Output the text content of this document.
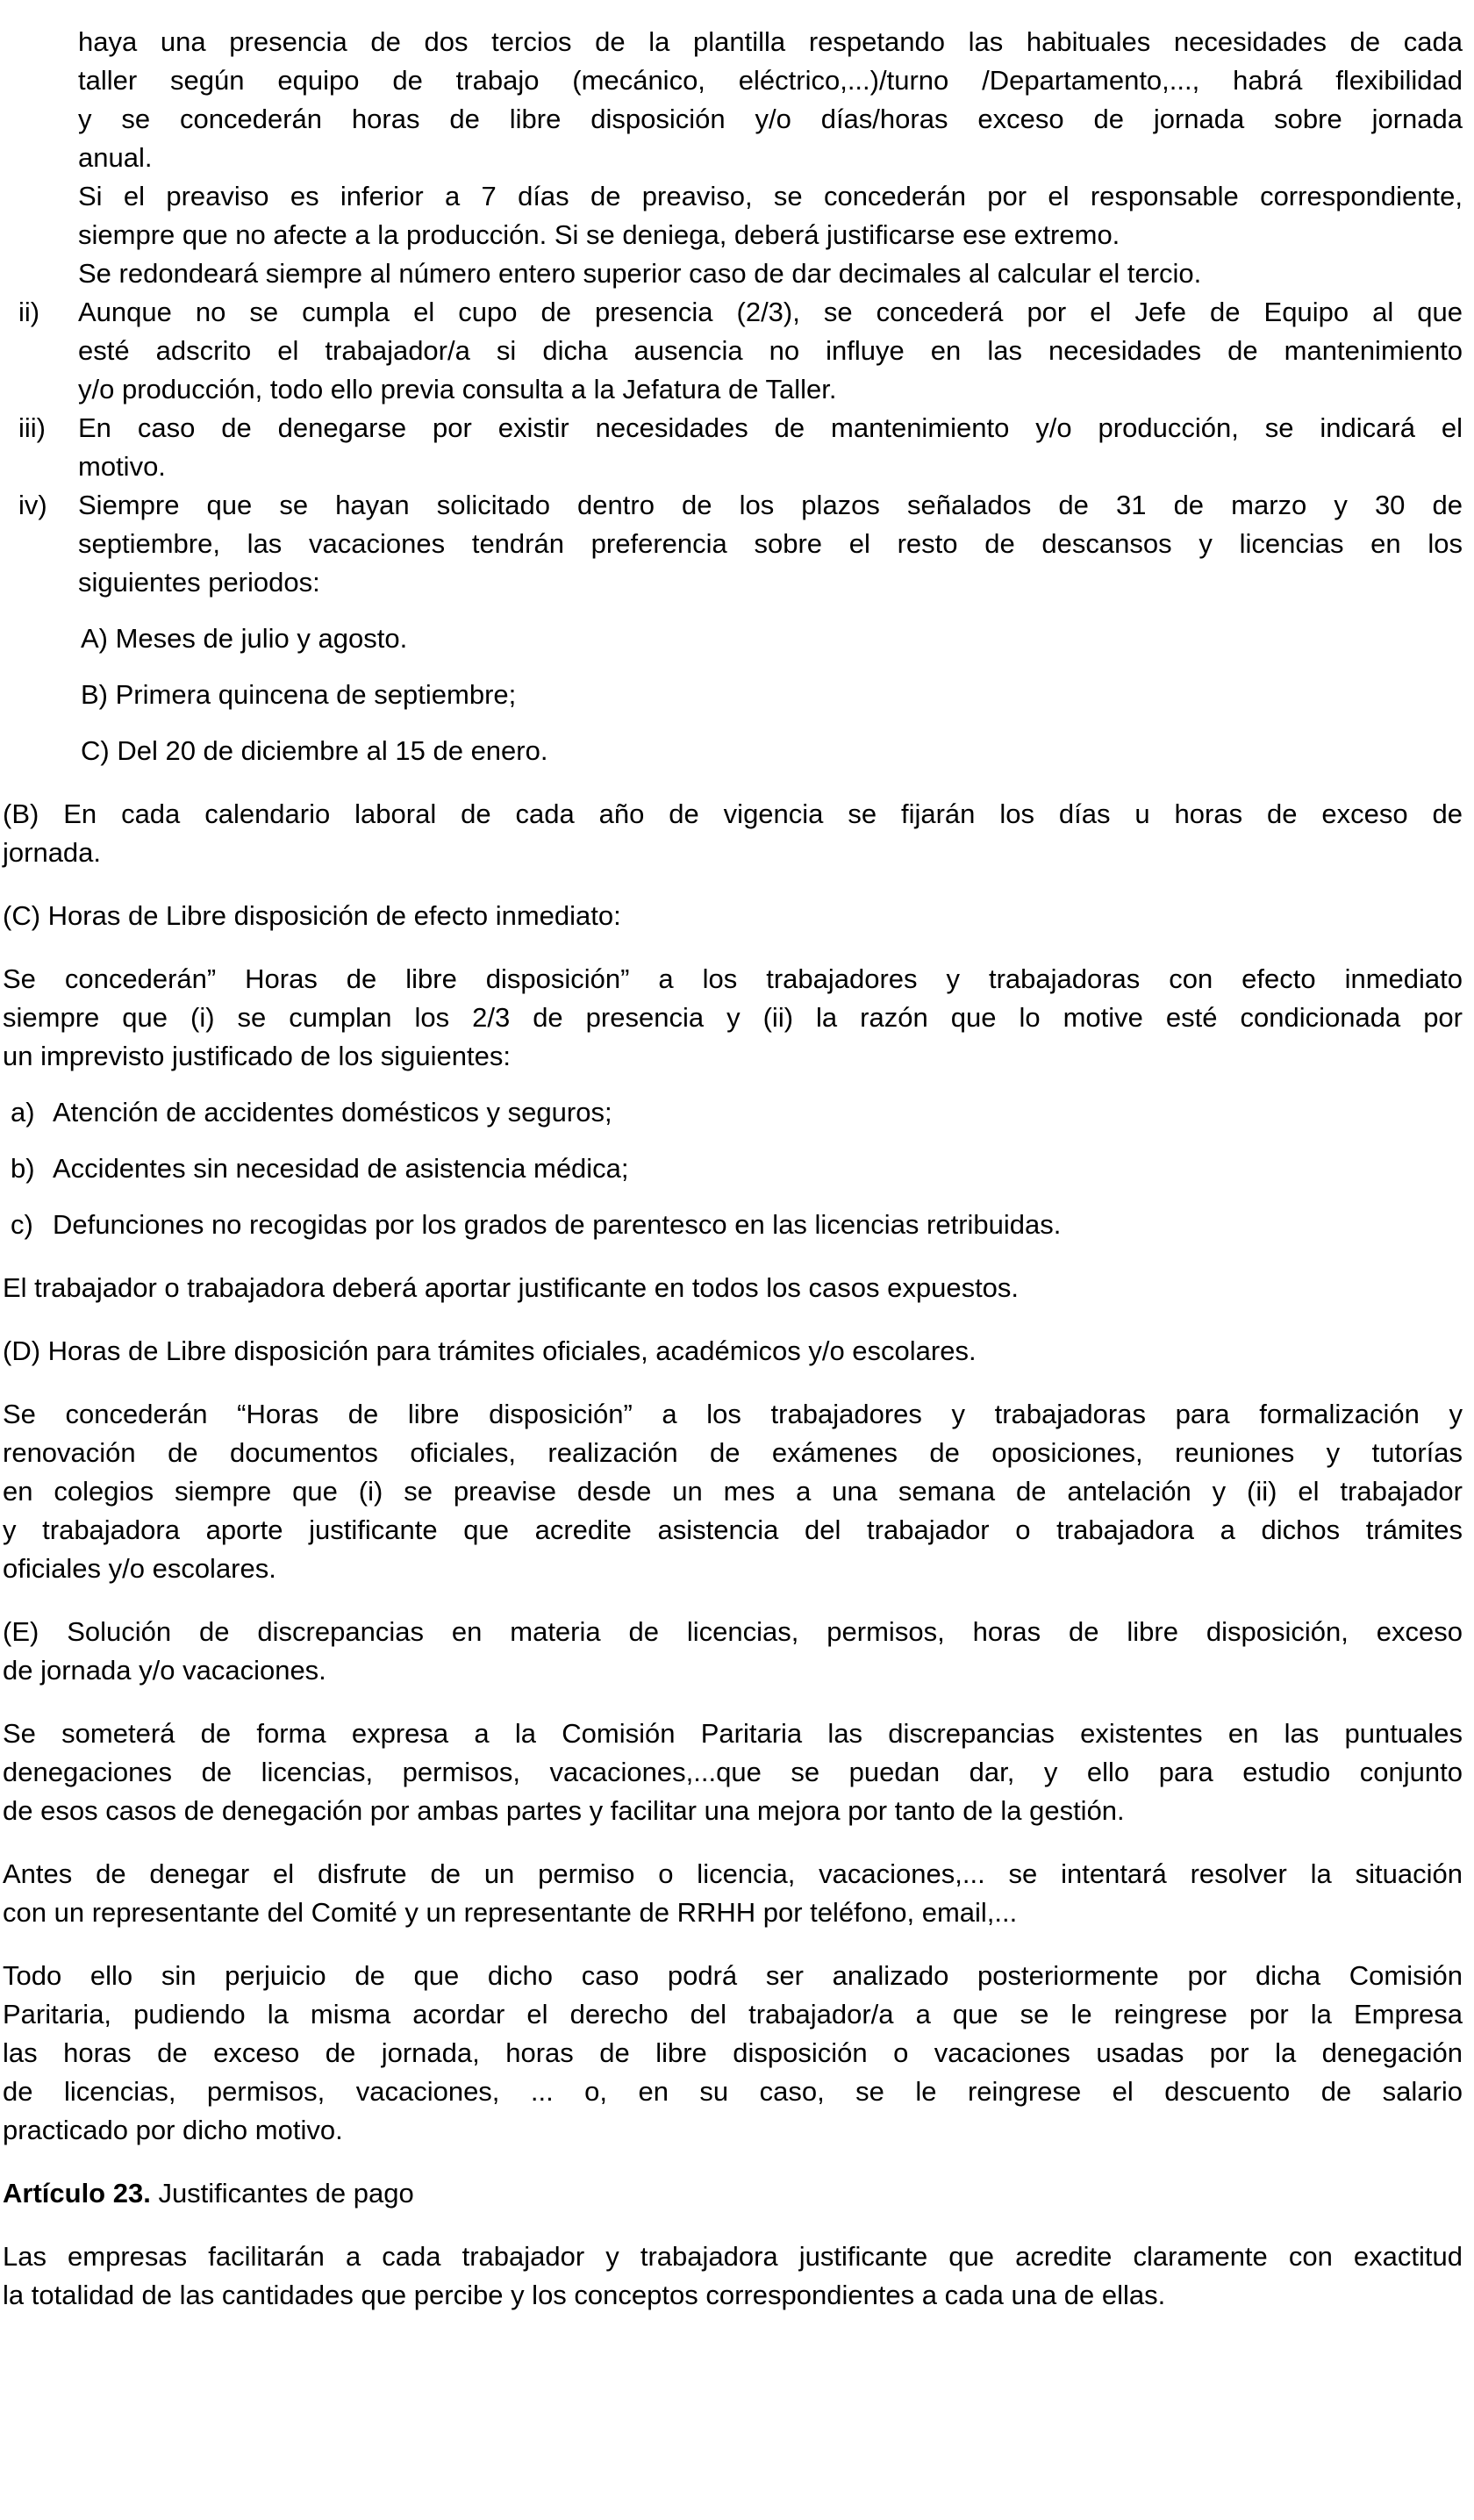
haya una presencia de dos tercios de la plantilla respetando las habituales necesidades de cada
taller según equipo de trabajo (mecánico, eléctrico,...)/turno /Departamento,..., habrá flexibilidad
y se concederán horas de libre disposición y/o días/horas exceso de jornada sobre jornada
anual.
Si el preaviso es inferior a 7 días de preaviso, se concederán por el responsable correspondiente,
siempre que no afecte a la producción. Si se deniega, deberá justificarse ese extremo.
Se redondeará siempre al número entero superior caso de dar decimales al calcular el tercio.
ii) Aunque no se cumpla el cupo de presencia (2/3), se concederá por el Jefe de Equipo al que
esté adscrito el trabajador/a si dicha ausencia no influye en las necesidades de mantenimiento
y/o producción, todo ello previa consulta a la Jefatura de Taller.
iii) En caso de denegarse por existir necesidades de mantenimiento y/o producción, se indicará el
motivo.
iv) Siempre que se hayan solicitado dentro de los plazos señalados de 31 de marzo y 30 de
septiembre, las vacaciones tendrán preferencia sobre el resto de descansos y licencias en los
siguientes periodos:
A) Meses de julio y agosto.
B) Primera quincena de septiembre;
C) Del 20 de diciembre al 15 de enero.
(B) En cada calendario laboral de cada año de vigencia se fijarán los días u horas de exceso de
jornada.
(C) Horas de Libre disposición de efecto inmediato:
Se concederán” Horas de libre disposición” a los trabajadores y trabajadoras con efecto inmediato
siempre que (i) se cumplan los 2/3 de presencia y (ii) la razón que lo motive esté condicionada por
un imprevisto justificado de los siguientes:
a) Atención de accidentes domésticos y seguros;
b) Accidentes sin necesidad de asistencia médica;
c) Defunciones no recogidas por los grados de parentesco en las licencias retribuidas.
El trabajador o trabajadora deberá aportar justificante en todos los casos expuestos.
(D) Horas de Libre disposición para trámites oficiales, académicos y/o escolares.
Se concederán “Horas de libre disposición” a los trabajadores y trabajadoras para formalización y
renovación de documentos oficiales, realización de exámenes de oposiciones, reuniones y tutorías
en colegios siempre que (i) se preavise desde un mes a una semana de antelación y (ii) el trabajador
y trabajadora aporte justificante que acredite asistencia del trabajador o trabajadora a dichos trámites
oficiales y/o escolares.
(E) Solución de discrepancias en materia de licencias, permisos, horas de libre disposición, exceso
de jornada y/o vacaciones.
Se someterá de forma expresa a la Comisión Paritaria las discrepancias existentes en las puntuales
denegaciones de licencias, permisos, vacaciones,...que se puedan dar, y ello para estudio conjunto
de esos casos de denegación por ambas partes y facilitar una mejora por tanto de la gestión.
Antes de denegar el disfrute de un permiso o licencia, vacaciones,... se intentará resolver la situación
con un representante del Comité y un representante de RRHH por teléfono, email,...
Todo ello sin perjuicio de que dicho caso podrá ser analizado posteriormente por dicha Comisión
Paritaria, pudiendo la misma acordar el derecho del trabajador/a a que se le reingrese por la Empresa
las horas de exceso de jornada, horas de libre disposición o vacaciones usadas por la denegación
de licencias, permisos, vacaciones, ... o, en su caso, se le reingrese el descuento de salario
practicado por dicho motivo.
Artículo 23. Justificantes de pago
Las empresas facilitarán a cada trabajador y trabajadora justificante que acredite claramente con exactitud
la totalidad de las cantidades que percibe y los conceptos correspondientes a cada una de ellas.
